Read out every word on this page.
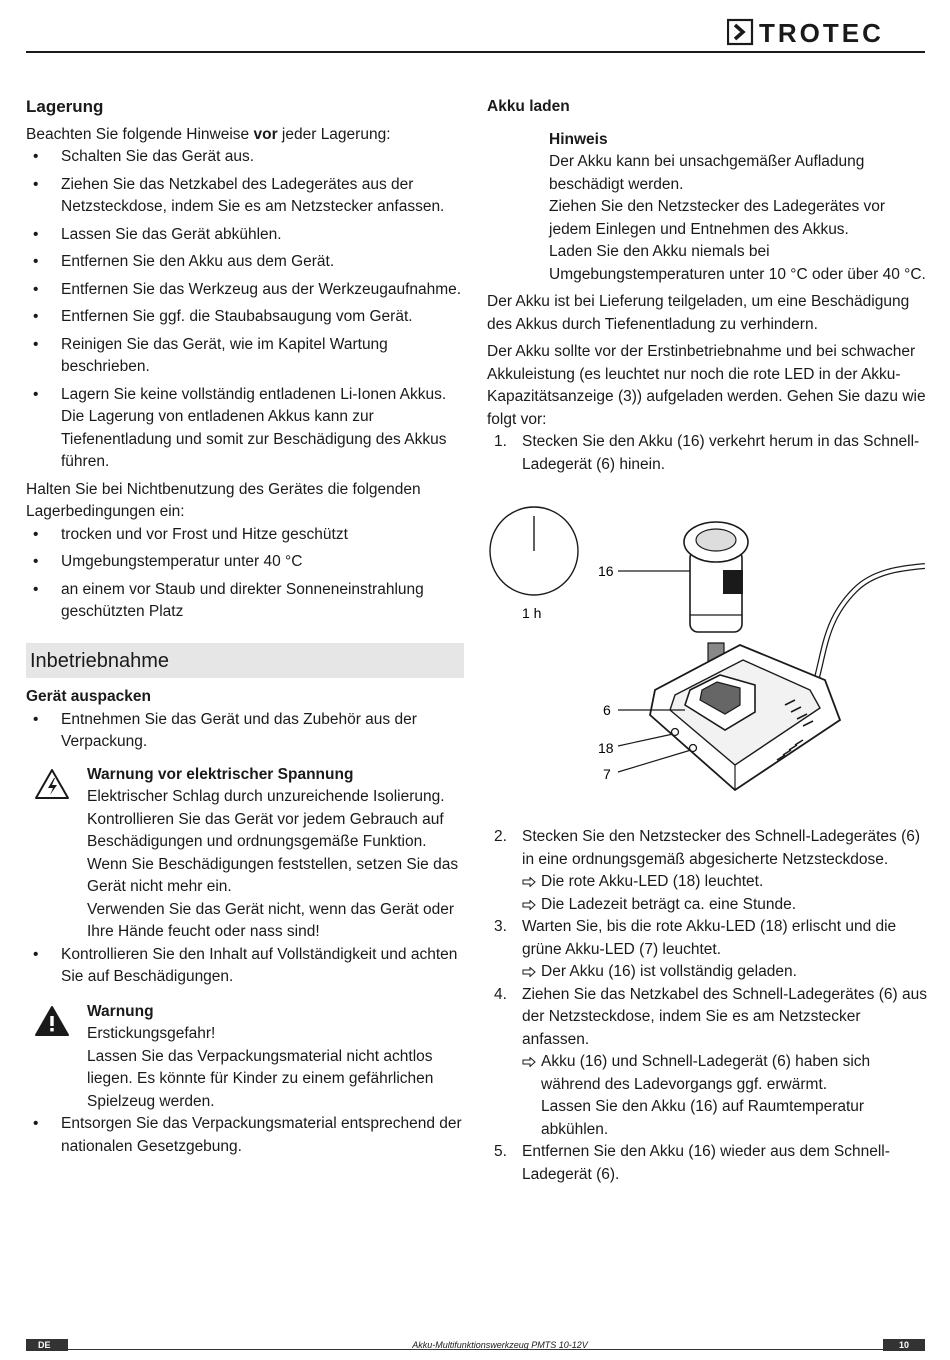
TROTEC
Lagerung

Beachten Sie folgende Hinweise vor jeder Lagerung:

• Schalten Sie das Gerät aus.
• Ziehen Sie das Netzkabel des Ladegerätes aus der Netzsteckdose, indem Sie es am Netzstecker anfassen.
• Lassen Sie das Gerät abkühlen.
• Entfernen Sie den Akku aus dem Gerät.
• Entfernen Sie das Werkzeug aus der Werkzeugaufnahme.
• Entfernen Sie ggf. die Staubabsaugung vom Gerät.
• Reinigen Sie das Gerät, wie im Kapitel Wartung beschrieben.
• Lagern Sie keine vollständig entladenen Li-Ionen Akkus. Die Lagerung von entladenen Akkus kann zur Tiefenentladung und somit zur Beschädigung des Akkus führen.

Halten Sie bei Nichtbenutzung des Gerätes die folgenden Lagerbedingungen ein:

• trocken und vor Frost und Hitze geschützt
• Umgebungstemperatur unter 40 °C
• an einem vor Staub und direkter Sonneneinstrahlung geschützten Platz
Inbetriebnahme
Gerät auspacken
• Entnehmen Sie das Gerät und das Zubehör aus der Verpackung.
Warnung vor elektrischer Spannung

Elektrischer Schlag durch unzureichende Isolierung.

Kontrollieren Sie das Gerät vor jedem Gebrauch auf Beschädigungen und ordnungsgemäße Funktion.

Wenn Sie Beschädigungen feststellen, setzen Sie das Gerät nicht mehr ein.

Verwenden Sie das Gerät nicht, wenn das Gerät oder Ihre Hände feucht oder nass sind!

• Kontrollieren Sie den Inhalt auf Vollständigkeit und achten Sie auf Beschädigungen.
Warnung

Erstickungsgefahr!

Lassen Sie das Verpackungsmaterial nicht achtlos liegen. Es könnte für Kinder zu einem gefährlichen Spielzeug werden.

• Entsorgen Sie das Verpackungsmaterial entsprechend der nationalen Gesetzgebung.
Akku laden
Hinweis

Der Akku kann bei unsachgemäßer Aufladung beschädigt werden.

Ziehen Sie den Netzstecker des Ladegerätes vor jedem Einlegen und Entnehmen des Akkus.

Laden Sie den Akku niemals bei Umgebungstemperaturen unter 10 °C oder über 40 °C.

Der Akku ist bei Lieferung teilgeladen, um eine Beschädigung des Akkus durch Tiefenentladung zu verhindern.

Der Akku sollte vor der Erstinbetriebnahme und bei schwacher Akkuleistung (es leuchtet nur noch die rote LED in der Akku-Kapazitätsanzeige (3)) aufgeladen werden. Gehen Sie dazu wie folgt vor:

1. Stecken Sie den Akku (16) verkehrt herum in das Schnell-Ladegerät (6) hinein.
1 h
16
6
18
7
2. Stecken Sie den Netzstecker des Schnell-Ladegerätes (6) in eine ordnungsgemäß abgesicherte Netzsteckdose.
Die rote Akku-LED (18) leuchtet.
Die Ladezeit beträgt ca. eine Stunde.
3. Warten Sie, bis die rote Akku-LED (18) erlischt und die grüne Akku-LED (7) leuchtet.
Der Akku (16) ist vollständig geladen.
4. Ziehen Sie das Netzkabel des Schnell-Ladegerätes (6) aus der Netzsteckdose, indem Sie es am Netzstecker anfassen.
Akku (16) und Schnell-Ladegerät (6) haben sich während des Ladevorgangs ggf. erwärmt.
Lassen Sie den Akku (16) auf Raumtemperatur abkühlen.
5. Entfernen Sie den Akku (16) wieder aus dem Schnell-Ladegerät (6).
DE	Akku-Multifunktionswerkzeug PMTS 10-12V	10
